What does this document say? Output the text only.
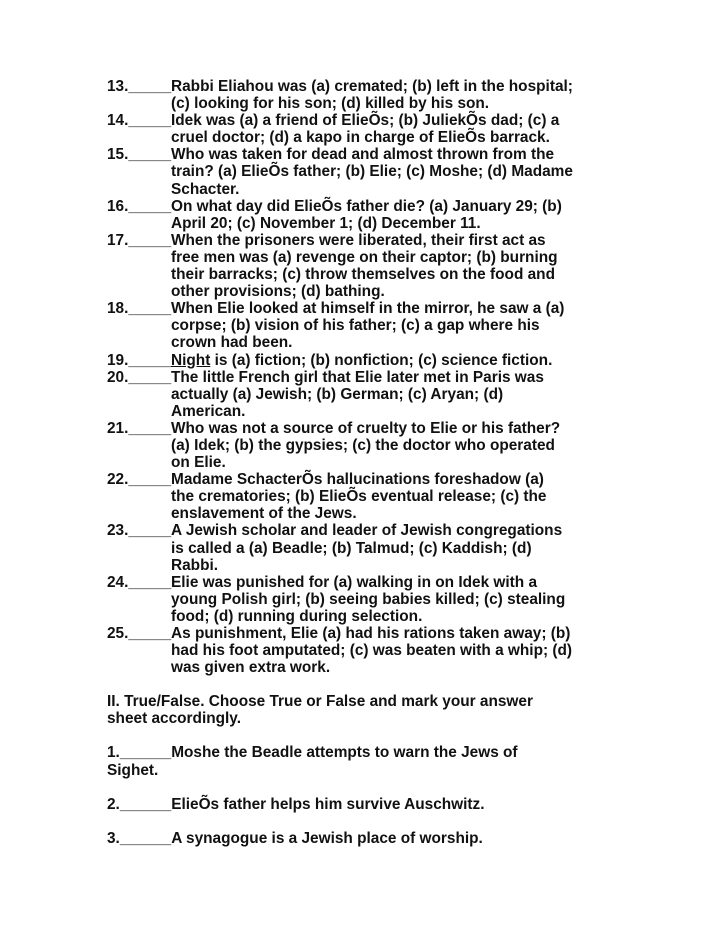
13._____ Rabbi Eliahou was (a) cremated; (b) left in the hospital;
(c) looking for his son; (d) killed by his son.
14._____ Idek was (a) a friend of ElieÕs; (b) JuliekÕs dad; (c) a
cruel doctor; (d) a kapo in charge of ElieÕs barrack.
15._____ Who was taken for dead and almost thrown from the
train? (a) ElieÕs father; (b) Elie; (c) Moshe; (d) Madame
Schacter.
16._____ On what day did ElieÕs father die? (a) January 29; (b)
April 20; (c) November 1; (d) December 11.
17._____ When the prisoners were liberated, their first act as
free men was (a) revenge on their captor; (b) burning
their barracks; (c) throw themselves on the food and
other provisions; (d) bathing.
18._____ When Elie looked at himself in the mirror, he saw a (a)
corpse; (b) vision of his father; (c) a gap where his
crown had been.
19._____ Night is (a) fiction; (b) nonfiction; (c) science fiction.
20._____ The little French girl that Elie later met in Paris was
actually (a) Jewish; (b) German; (c) Aryan; (d)
American.
21._____ Who was not a source of cruelty to Elie or his father?
(a) Idek; (b) the gypsies; (c) the doctor who operated
on Elie.
22._____ Madame SchacterÕs hallucinations foreshadow (a)
the crematories; (b) ElieÕs eventual release; (c) the
enslavement of the Jews.
23._____ A Jewish scholar and leader of Jewish congregations
is called a (a) Beadle; (b) Talmud; (c) Kaddish; (d)
Rabbi.
24._____ Elie was punished for (a) walking in on Idek with a
young Polish girl; (b) seeing babies killed; (c) stealing
food; (d) running during selection.
25._____ As punishment, Elie (a) had his rations taken away; (b)
had his foot amputated; (c) was beaten with a whip; (d)
was given extra work.
II. True/False. Choose True or False and mark your answer
sheet accordingly.
1.______Moshe the Beadle attempts to warn the Jews of
Sighet.
2.______ElieÕs father helps him survive Auschwitz.
3.______A synagogue is a Jewish place of worship.
